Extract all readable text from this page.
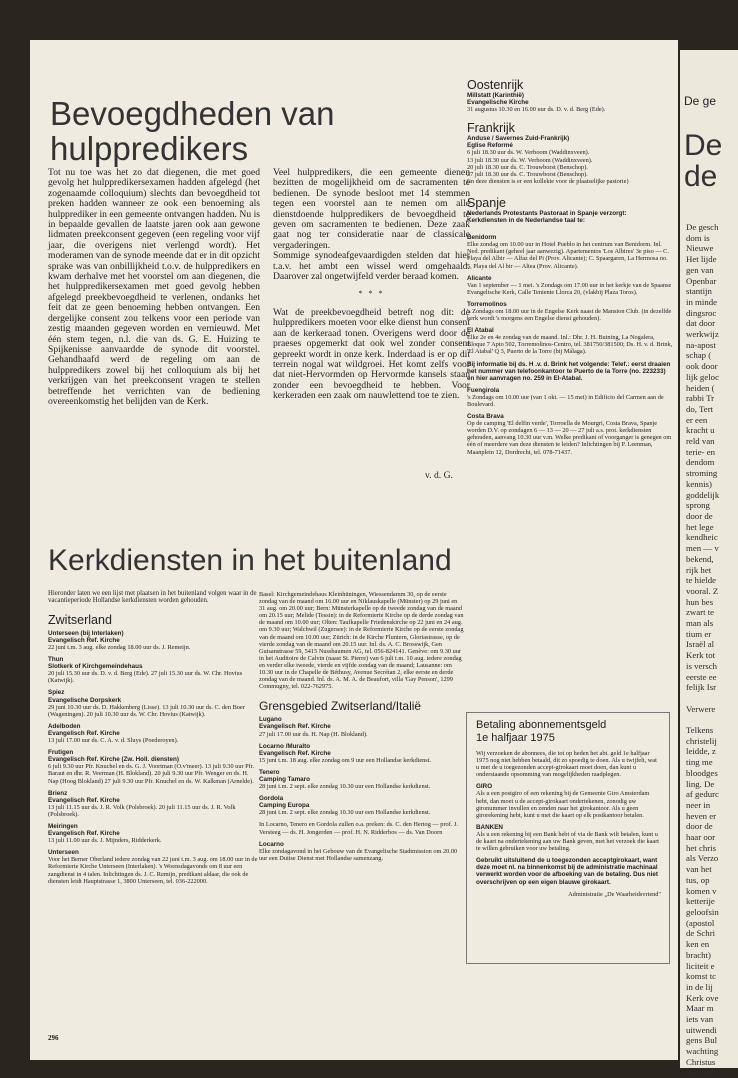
Bevoegdheden van
hulppredikers

Tot nu toe was het zo dat diegenen, die met goed gevolg het hulppredikersexamen hadden afgelegd (het zogenaamde colloquium) slechts dan bevoegdheid tot preken hadden wanneer ze ook een benoeming als hulpprediker in een gemeente ontvangen hadden. Nu is in bepaalde gevallen de laatste jaren ook aan gewone lidmaten preekconsent gegeven (een regeling voor vijf jaar, die overigens niet verlengd wordt). Het moderamen van de synode meende dat er in dit opzicht sprake was van onbillijkheid t.o.v. de hulppredikers en kwam derhalve met het voorstel om aan diegenen, die het hulppredikersexamen met goed gevolg hebben afgelegd preekbevoegdheid te verlenen, ondanks het feit dat ze geen benoeming hebben ontvangen. Een dergelijke consent zou telkens voor een periode van zestig maanden gegeven worden en vernieuwd. Met één stem tegen, n.l. die van ds. G. E. Huizing te Spijkenisse aanvaardde de synode dit voorstel. Gehandhaafd werd de regeling om aan de hulppredikers zowel bij het colloquium als bij het verkrijgen van het preekconsent vragen te stellen betreffende het verrichten van de bediening overeenkomstig het belijden van de Kerk.

Veel hulppredikers, die een gemeente dienen bezitten de mogelijkheid om de sacramenten te bedienen. De synode besloot met 14 stemmen tegen een voorstel aan te nemen om alle dienstdoende hulppredikers de bevoegdheid te geven om sacramenten te bedienen. Deze zaak gaat nog ter consideratie naar de classicale vergaderingen.

Sommige synodeafgevaardigden stelden dat hier t.a.v. het ambt een wissel werd omgehaald. Daarover zal ongetwijfeld verder beraad komen.

* * *

Wat de preekbevoegdheid betreft nog dit: de hulppredikers moeten voor elke dienst hun consent aan de kerkeraad tonen. Overigens werd door de praeses opgemerkt dat ook wel zonder consent gepreekt wordt in onze kerk. Inderdaad is er op dit terrein nogal wat wildgroei. Het komt zelfs voor dat niet-Hervormden op Hervormde kansels staan zonder een bevoegdheid te hebben. Voor kerkeraden een zaak om nauwlettend toe te zien.

v. d. G.
Oostenrijk
Millstatt (Karinthië)
Evangelische Kirche
31 augustus 10.30 en 16.00 uur ds. D. v. d. Berg (Ede).
Frankrijk
Anduse / Savernes Zuid-Frankrijk)
Eglise Reformé
6 juli 18.30 uur ds. W. Verboom (Waddinxveen).
13 juli 18.30 uur ds. W. Verboom (Waddinxveen).
20 juli 18.30 uur ds. C. Trouwborst (Benschop).
27 juli 18.30 uur ds. C. Trouwborst (Benschop).
(in deze diensten is er een kollekte voor de plaatselijke pastorie)
Spanje
Nederlands Protestants Pastoraat in Spanje verzorgt:
Kerkdiensten in de Nederlandse taal te:

Benidorm
Elke zondag om 10.00 uur in Hotel Pueblo in het centrum van Benidorm. Inl. Ned. predikant (geheel jaar aanwezig). Apartementos 'Los Albires' 3e piso — C. Playa del Albir — Alfaz del Pi (Prov. Alicante); C. Spaargaren, La Hermosa no. 5, Playa del Al bir — Altea (Prov. Alicante).

Alicante
Van 1 september — 1 mei. 's Zondags om 17.00 uur in het kerkje van de Spaanse Evangelische Kerk, Calle Teniente Llorca 20, (vlakbij Plaza Toros).

Torremolinos
's Zondags om 18.00 uur in de Engelse Kerk naast de Mansion Club. (in dezelfde kerk wordt 's morgens een Engelse dienst gehouden).

El Atabal
Elke 2e en 4e zondag van de maand. Inl.: Dhr. J. H. Buining, La Nogalera, Bloque 7 Apto 502, Torremolinos-Centro, tel. 381750/381500; Ds. H. v. d. Brink, 'El Atabal' Q 3, Puerto de la Torre (bij Málaga).

Bij informatie bij ds. H .v. d. Brink het volgende: Telef.: eerst draaien het nummer van telefoonkantoor te Puerto de la Torre (no. 223233) en hier aanvragen no. 259 in El-Atabal.

Fuengirola
's Zondags om 10.00 uur (van 1 okt. — 15 mei) in Edificio del Carmen aan de Boulevard.

Costa Brava
Op de camping 'El delfin verde', Torroella de Mourgri, Costa Brava, Spanje worden D.V. op zondagen 6 — 13 — 20 — 27 juli a.s. prot. kerkdiensten gehouden, aanvang 10.30 uur v.m. Welke predikant of voorganger is genegen om één of meerdere van deze diensten te leiden? Inlichtingen bij P. Leenman, Maanplein 12, Dordrecht, tel. 078-71437.

Kerkdiensten in het buitenland

Hieronder laten we een lijst met plaatsen in het buitenland volgen waar in de vacantieperiode Hollandse kerkdiensten worden gehouden.

Zwitserland

Unterseen (bij Interlaken)
Evangelisch Ref. Kirche
22 juni t.m. 3 aug. elke zondag 18.00 uur ds. J. Remeijn.

Thun
Slotkerk of Kirchgemeindehaus
20 juli 15.30 uur ds. D. v. d. Berg (Ede). 27 juli 15.30 uur ds. W. Chr. Hovius (Katwijk).

Spiez
Evangelische Dorpskerk
29 juni 10.30 uur ds. D. Hakkenberg (Lisse). 13 juli 10.30 uur ds. C. den Boer (Wageningen). 20 juli 10.30 uur ds. W. Chr. Hovius (Katwijk).

Adelboden
Evangelisch Ref. Kirche
13 juli 17.00 uur ds. C. A. v. d. Sluys (Poederoyen).

Frutigen
Evangelisch Ref. Kirche (Zw. Holl. diensten)
6 juli 9.30 uur Pfr. Knuchel en ds. G. J. Voortman (O.v'meer). 13 juli 9.30 uur Pfr. Baraut en dhr. R. Veerman (H. Blokland). 20 juli 9.30 uur Pfr. Wenger en ds. H. Nap (Hoog Blokland) 27 juli 9.30 uur Pfr. Knuchel en ds. W. Kalkman (Arnelde).

Brienz
Evangelisch Ref. Kirche
13 juli 11.15 uur ds. J. R. Volk (Polsbroek). 20 juli 11.15 uur ds. J. R. Volk (Polsbroek).

Meiringen
Evangelisch Ref. Kirche
13 juli 11.00 uur ds. J. Mijnders, Ridderkerk.

Unterseen
Voor het Berner Oberland iedere zondag van 22 juni t.m. 3 aug. om 18.00 uur in de Reformierte Kirche Unterseen (Interlaken). 's Woensdagavonds om 8 uur een zangdienst in 4 talen. Inlichtingen ds. J. C. Remijn, predikant aldaar, die ook de diensten leidt Hauptstrasse 1, 3800 Unterseen, tel. 036-222000.

Basel: Kirchgemeindehaus Kleinhüningen, Wiessendamm 30, op de eerste zondag van de maand om 16.00 uur en Niklauskapelle (Münster) op 29 juni en 31 aug. om 20.00 uur; Bern: Münsterkapelle op de tweede zondag van de maand om 20.15 uur; Melide (Tessin): in de Reformierte Kirche op de derde zondag van de maand om 10.00 uur; Olten: Taufkapelle Friedenskirche op 22 juni en 24 aug. om 9.30 uur; Walchwil (Zugersee): in de Reformierte Kirche op de eerste zondag van de maand om 10.00 uur; Zürich: in de Kirche Fluntern, Gloriastrasse, op de vierde zondag van de maand om 20.15 uur. Inl. ds. A. C. Brosswijk, Gen Guisanstrasse 59, 5415 Nussbaumen AG, tel. 056-824141. Genève: om 9.30 uur in het Auditoire de Calvin (naast St. Pierre) van 6 juli t.m. 10 aug. iedere zondag en verder elke tweede, vierde en vijfde zondag van de maand; Lausanne: om 10.30 uur in de Chapelle de Béthusy, Avenue Secrétan 2, elke eerste en derde zondag van de maand. Inl. ds. A. M. A. de Beaufort, villa 'Gay Penson', 1299 Commugny, tel. 022-762975.

Grensgebied Zwitserland/Italië

Lugano
Evangelisch Ref. Kirche
27 juli 17.00 uur ds. H. Nap (H. Blokland).

Locarno /Muralto
Evangelisch Ref. Kirche
15 juni t.m. 18 aug. elke zondag om 9 uur een Hollandse kerkdienst.

Tenero
Camping Tamaro
28 juni t.m. 2 sept. elke zondag 10.30 uur een Hollandse kerkdienst.

Gordola
Camping Europa
28 juni t.m. 2 sept. elke zondag 10.30 uur een Hollandse kerkdienst.

In Locarno, Tenero en Gordola zullen o.a. preken: ds. C. den Hertog — prof. J. Versteeg — ds. H. Jongerden — prof. H. N. Ridderbos — ds. Van Doorn

Locarno
Elke zondagavond in het Gebouw van de Evangelische Stadtmission om 20.00 uur een Duitse Dienst met Hollandse samenzang.

296
Betaling abonnementsgeld
1e halfjaar 1975

Wij verzoeken de abonnees, die tot op heden het abt. geld 1e halfjaar 1975 nog niet hebben betaald, dit zo spoedig te doen. Als u twijfelt, wat u met de u toegezonden accept-girokaart moet doen, dan kunt u onderstaande opsomming van mogelijkheden raadplegen.

GIRO
Als u een postgiro of een rekening bij de Gemeente Giro Amsterdam hebt, dan moet u de accept-girokaart ondertekenen, zonodig uw gironummer invullen en zenden naar het girokantoor. Als u geen girorekening hebt, kunt u met die kaart op elk postkantoor betalen.

BANKEN
Als u een rekening bij een Bank hebt of via de Bank wilt betalen, kunt u de kaart na ondertekening aan uw Bank geven, met het verzoek die kaart te willen gebruiken voor uw betaling.

Gebruikt uitsluitend de u toegezonden acceptgirokaart, want deze moet nl. na binnenkomst bij de administratie machinaal verwerkt worden voor de afboeking van de betaling. Dus niet overschrijven op een eigen blauwe girokaart.

Administratie „De Waarheidsvriend"

De ge
De
de
De gesch
dom is
Nieuwe
Het lijde
gen van
Openbar
stantijn
in minde
dingsroc
dat door
werkwijz
na-apost
schap (
ook door
lijk geloc
heiden (
rabbi Tr
do, Tert
er een
kracht u
reld van
terie- en
dendom
stroming
kennis)
goddelijk
sprong
door de
het lege
kendheic
men — v
bekend,
rijk het
te hielde
vooral. Z
hun bes
zwart te
man als
tium er
Israël al
Kerk tot
is versch
eerste ee
felijk Isr

Verwere

Telkens
christelij
leidde, z
ting me
bloodges
ling. De
af gedurc
neer in
heven er
door de
haar oor
het chris
als Verzo
van het
tus, op
komen v
ketterije
geloofsin
(apostol
de Schri
ken en
bracht)
liciteit e
komst tc
in de lij
Kerk ove
Maar m
iets van
uitwendi
gens Bul
wachting
Christus
hier niet
